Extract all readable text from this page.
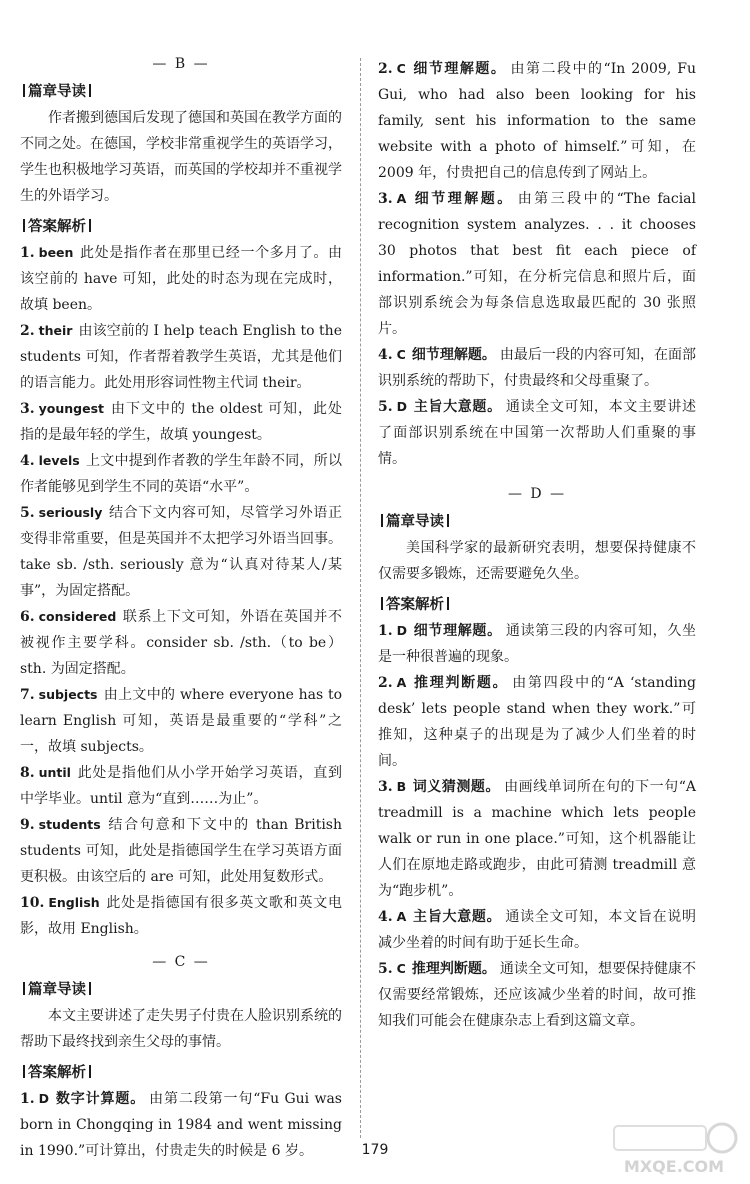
— B —
篇章导读

作者搬到德国后发现了德国和英国在教学方面的不同之处。在德国，学校非常重视学生的英语学习，学生也积极地学习英语，而英国的学校却并不重视学生的外语学习。

答案解析

1. been 此处是指作者在那里已经一个多月了。由该空前的 have 可知，此处的时态为现在完成时，故填 been。

2. their 由该空前的 I help teach English to the students 可知，作者帮着教学生英语，尤其是他们的语言能力。此处用形容词性物主代词 their。

3. youngest 由下文中的 the oldest 可知，此处指的是最年轻的学生，故填 youngest。

4. levels 上文中提到作者教的学生年龄不同，所以作者能够见到学生不同的英语“水平”。

5. seriously 结合下文内容可知，尽管学习外语正变得非常重要，但是英国并不太把学习外语当回事。take sb. /sth. seriously 意为“认真对待某人/某事”，为固定搭配。

6. considered 联系上下文可知，外语在英国并不被视作主要学科。consider sb. /sth.（to be）sth. 为固定搭配。

7. subjects 由上文中的 where everyone has to learn English 可知，英语是最重要的“学科”之一，故填 subjects。

8. until 此处是指他们从小学开始学习英语，直到中学毕业。until 意为“直到……为止”。

9. students 结合句意和下文中的 than British students 可知，此处是指德国学生在学习英语方面更积极。由该空后的 are 可知，此处用复数形式。

10. English 此处是指德国有很多英文歌和英文电影，故用 English。

— C —
篇章导读

本文主要讲述了走失男子付贵在人脸识别系统的帮助下最终找到亲生父母的事情。

答案解析

1. D 数字计算题。 由第二段第一句“Fu Gui was born in Chongqing in 1984 and went missing in 1990.”可计算出，付贵走失的时候是 6 岁。

2. C 细节理解题。 由第二段中的“In 2009, Fu Gui, who had also been looking for his family, sent his information to the same website with a photo of himself.”可知，在 2009 年，付贵把自己的信息传到了网站上。

3. A 细节理解题。 由第三段中的“The facial recognition system analyzes. . . it chooses 30 photos that best fit each piece of information.”可知，在分析完信息和照片后，面部识别系统会为每条信息选取最匹配的 30 张照片。

4. C 细节理解题。 由最后一段的内容可知，在面部识别系统的帮助下，付贵最终和父母重聚了。

5. D 主旨大意题。 通读全文可知，本文主要讲述了面部识别系统在中国第一次帮助人们重聚的事情。

— D —
篇章导读

美国科学家的最新研究表明，想要保持健康不仅需要多锻炼，还需要避免久坐。

答案解析

1. D 细节理解题。 通读第三段的内容可知，久坐是一种很普遍的现象。

2. A 推理判断题。 由第四段中的“A ‘standing desk’ lets people stand when they work.”可推知，这种桌子的出现是为了减少人们坐着的时间。

3. B 词义猜测题。 由画线单词所在句的下一句“A treadmill is a machine which lets people walk or run in one place.”可知，这个机器能让人们在原地走路或跑步，由此可猜测 treadmill 意为“跑步机”。

4. A 主旨大意题。 通读全文可知，本文旨在说明减少坐着的时间有助于延长生命。

5. C 推理判断题。 通读全文可知，想要保持健康不仅需要经常锻炼，还应该减少坐着的时间，故可推知我们可能会在健康杂志上看到这篇文章。

179
MXQE.COM
